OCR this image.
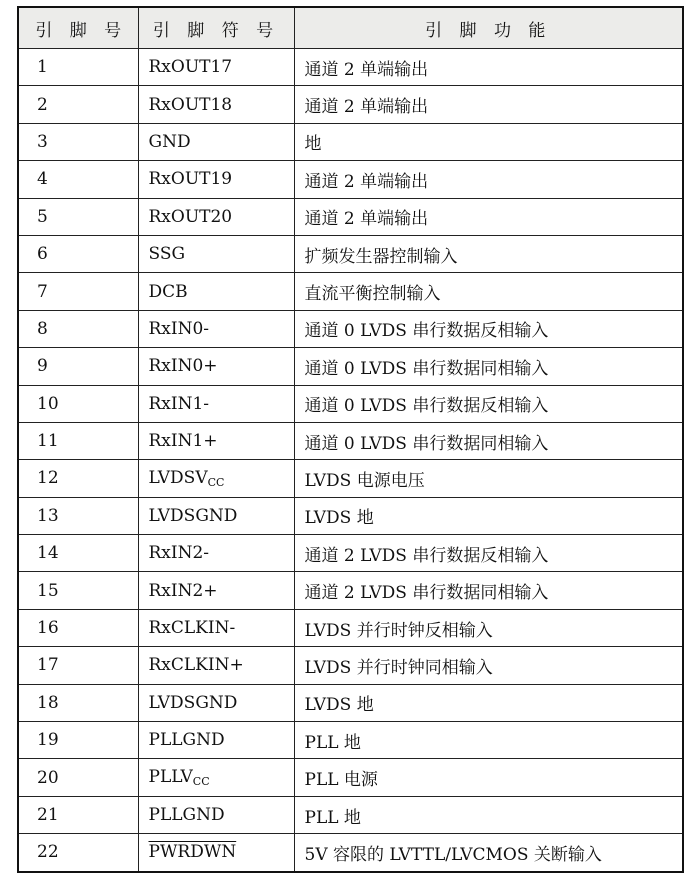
引 脚 号	引 脚 符 号	引 脚 功 能
1	RxOUT17	通道 2 单端输出
2	RxOUT18	通道 2 单端输出
3	GND	地
4	RxOUT19	通道 2 单端输出
5	RxOUT20	通道 2 单端输出
6	SSG	扩频发生器控制输入
7	DCB	直流平衡控制输入
8	RxIN0-	通道 0 LVDS 串行数据反相输入
9	RxIN0+	通道 0 LVDS 串行数据同相输入
10	RxIN1-	通道 0 LVDS 串行数据反相输入
11	RxIN1+	通道 0 LVDS 串行数据同相输入
12	$LVDSV_{CC}$	LVDS 电源电压
13	LVDSGND	LVDS 地
14	RxIN2-	通道 2 LVDS 串行数据反相输入
15	RxIN2+	通道 2 LVDS 串行数据同相输入
16	RxCLKIN-	LVDS 并行时钟反相输入
17	RxCLKIN+	LVDS 并行时钟同相输入
18	LVDSGND	LVDS 地
19	PLLGND	PLL 地
20	$PLLV_{CC}$	PLL 电源
21	PLLGND	PLL 地
22	PWRDWN	5V 容限的 LVTTL/LVCMOS 关断输入
